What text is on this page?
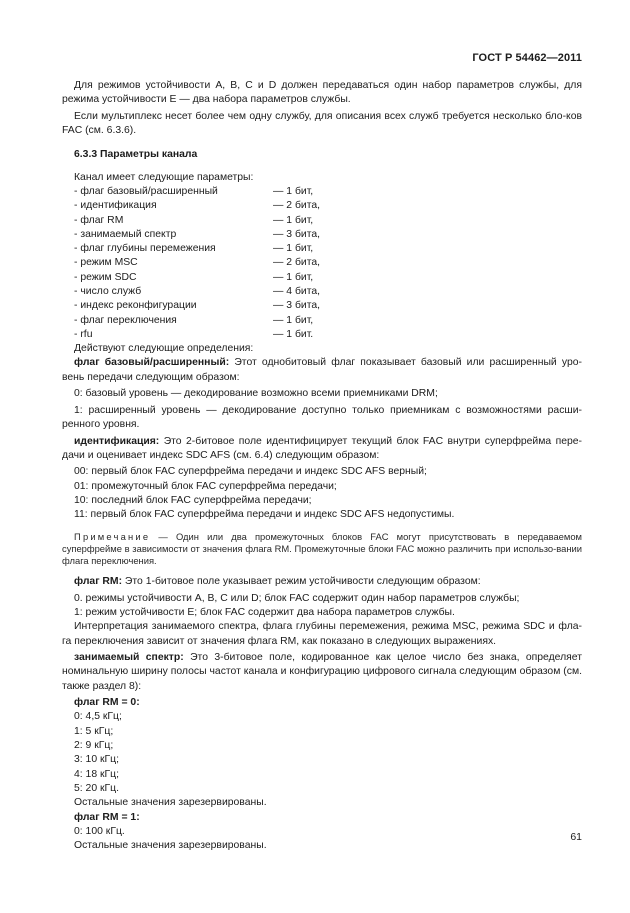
ГОСТ Р 54462—2011

Для режимов устойчивости А, В, С и D должен передаваться один набор параметров службы, для режима устойчивости Е — два набора параметров службы.

Если мультиплекс несет более чем одну службу, для описания всех служб требуется несколько бло-ков FAC (см. 6.3.6).

6.3.3 Параметры канала
Канал имеет следующие параметры:
- флаг базовый/расширенный	— 1 бит,
- идентификация	— 2 бита,
- флаг RM	— 1 бит,
- занимаемый спектр	— 3 бита,
- флаг глубины перемежения	— 1 бит,
- режим MSC	— 2 бита,
- режим SDC	— 1 бит,
- число служб	— 4 бита,
- индекс реконфигурации	— 3 бита,
- флаг переключения	— 1 бит,
- rfu	— 1 бит.
Действуют следующие определения:

флаг базовый/расширенный: Этот однобитовый флаг показывает базовый или расширенный уро-вень передачи следующим образом:

0: базовый уровень — декодирование возможно всеми приемниками DRM;

1: расширенный уровень — декодирование доступно только приемникам с возможностями расши-ренного уровня.

идентификация: Это 2-битовое поле идентифицирует текущий блок FAC внутри суперфрейма пере-дачи и оценивает индекс SDC AFS (см. 6.4) следующим образом:

00: первый блок FAC суперфрейма передачи и индекс SDC AFS верный;
01: промежуточный блок FAC суперфрейма передачи;
10: последний блок FAC суперфрейма передачи;
11: первый блок FAC суперфрейма передачи и индекс SDC AFS недопустимы.

Примечание — Один или два промежуточных блоков FAC могут присутствовать в передаваемом суперфрейме в зависимости от значения флага RM. Промежуточные блоки FAC можно различить при использо-вании флага переключения.

флаг RM: Это 1-битовое поле указывает режим устойчивости следующим образом:

0. режимы устойчивости А, В, С или D; блок FAC содержит один набор параметров службы;
1: режим устойчивости Е; блок FAC содержит два набора параметров службы.

Интерпретация занимаемого спектра, флага глубины перемежения, режима MSC, режима SDC и фла-га переключения зависит от значения флага RM, как показано в следующих выражениях.

занимаемый спектр: Это 3-битовое поле, кодированное как целое число без знака, определяет номинальную ширину полосы частот канала и конфигурацию цифрового сигнала следующим образом (см. также раздел 8):

флаг RM = 0:
0: 4,5 кГц;
1: 5 кГц;
2: 9 кГц;
3: 10 кГц;
4: 18 кГц;
5: 20 кГц.
Остальные значения зарезервированы.
флаг RM = 1:
0: 100 кГц.
Остальные значения зарезервированы.
61
